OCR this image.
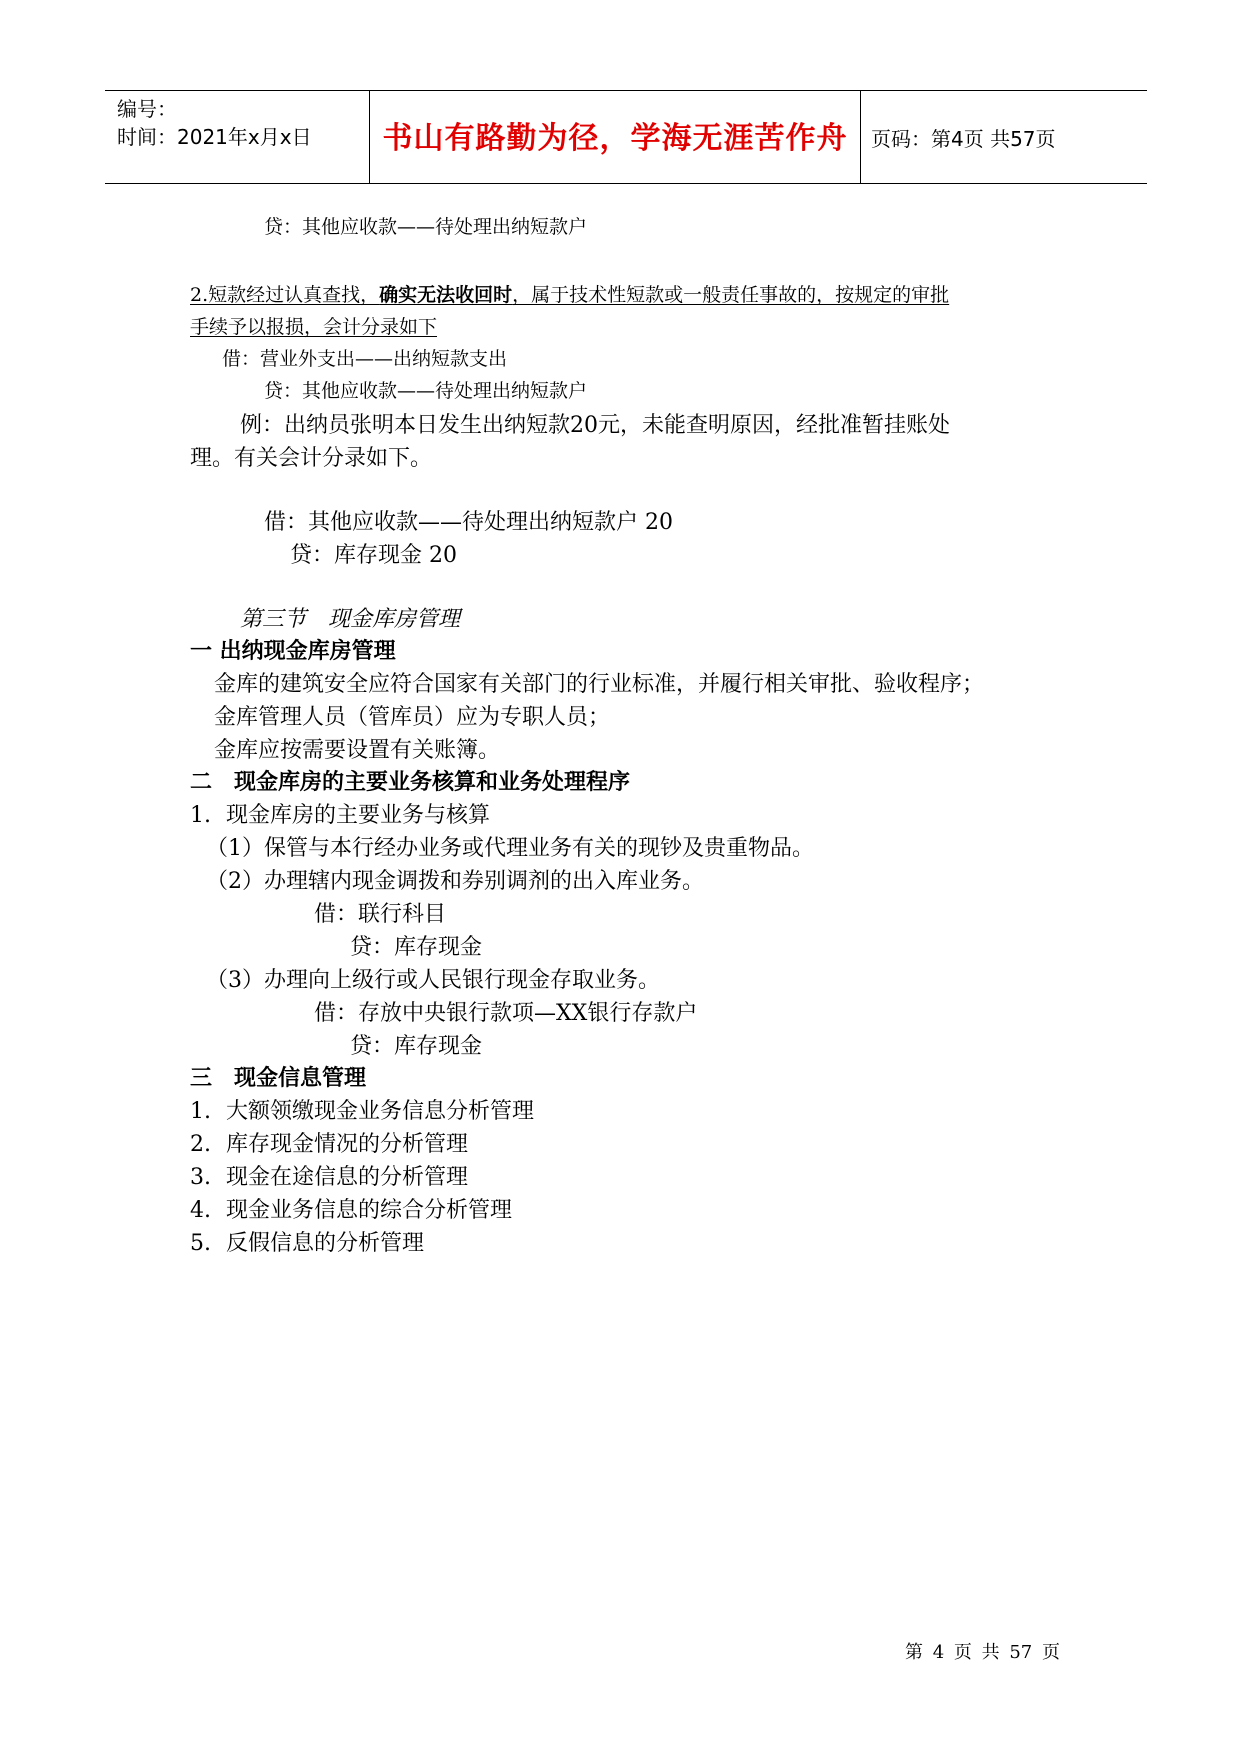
编号：
时间：2021年x月x日	书山有路勤为径，学海无涯苦作舟	页码：第4页 共57页
贷：其他应收款——待处理出纳短款户
2.短款经过认真查找，确实无法收回时，属于技术性短款或一般责任事故的，按规定的审批
手续予以报损，会计分录如下
借：营业外支出——出纳短款支出
贷：其他应收款——待处理出纳短款户
例：出纳员张明本日发生出纳短款20元，未能查明原因，经批准暂挂账处
理。有关会计分录如下。
借：其他应收款——待处理出纳短款户 20
贷：库存现金 20
第三节　现金库房管理
一 出纳现金库房管理
金库的建筑安全应符合国家有关部门的行业标准，并履行相关审批、验收程序；
金库管理人员（管库员）应为专职人员；
金库应按需要设置有关账簿。
二　现金库房的主要业务核算和业务处理程序
1. 现金库房的主要业务与核算
（1）保管与本行经办业务或代理业务有关的现钞及贵重物品。
（2）办理辖内现金调拨和券别调剂的出入库业务。
借：联行科目
贷：库存现金
（3）办理向上级行或人民银行现金存取业务。
借：存放中央银行款项—XX银行存款户
贷：库存现金
三　现金信息管理
1. 大额领缴现金业务信息分析管理
2. 库存现金情况的分析管理
3. 现金在途信息的分析管理
4. 现金业务信息的综合分析管理
5. 反假信息的分析管理
第 4 页 共 57 页
